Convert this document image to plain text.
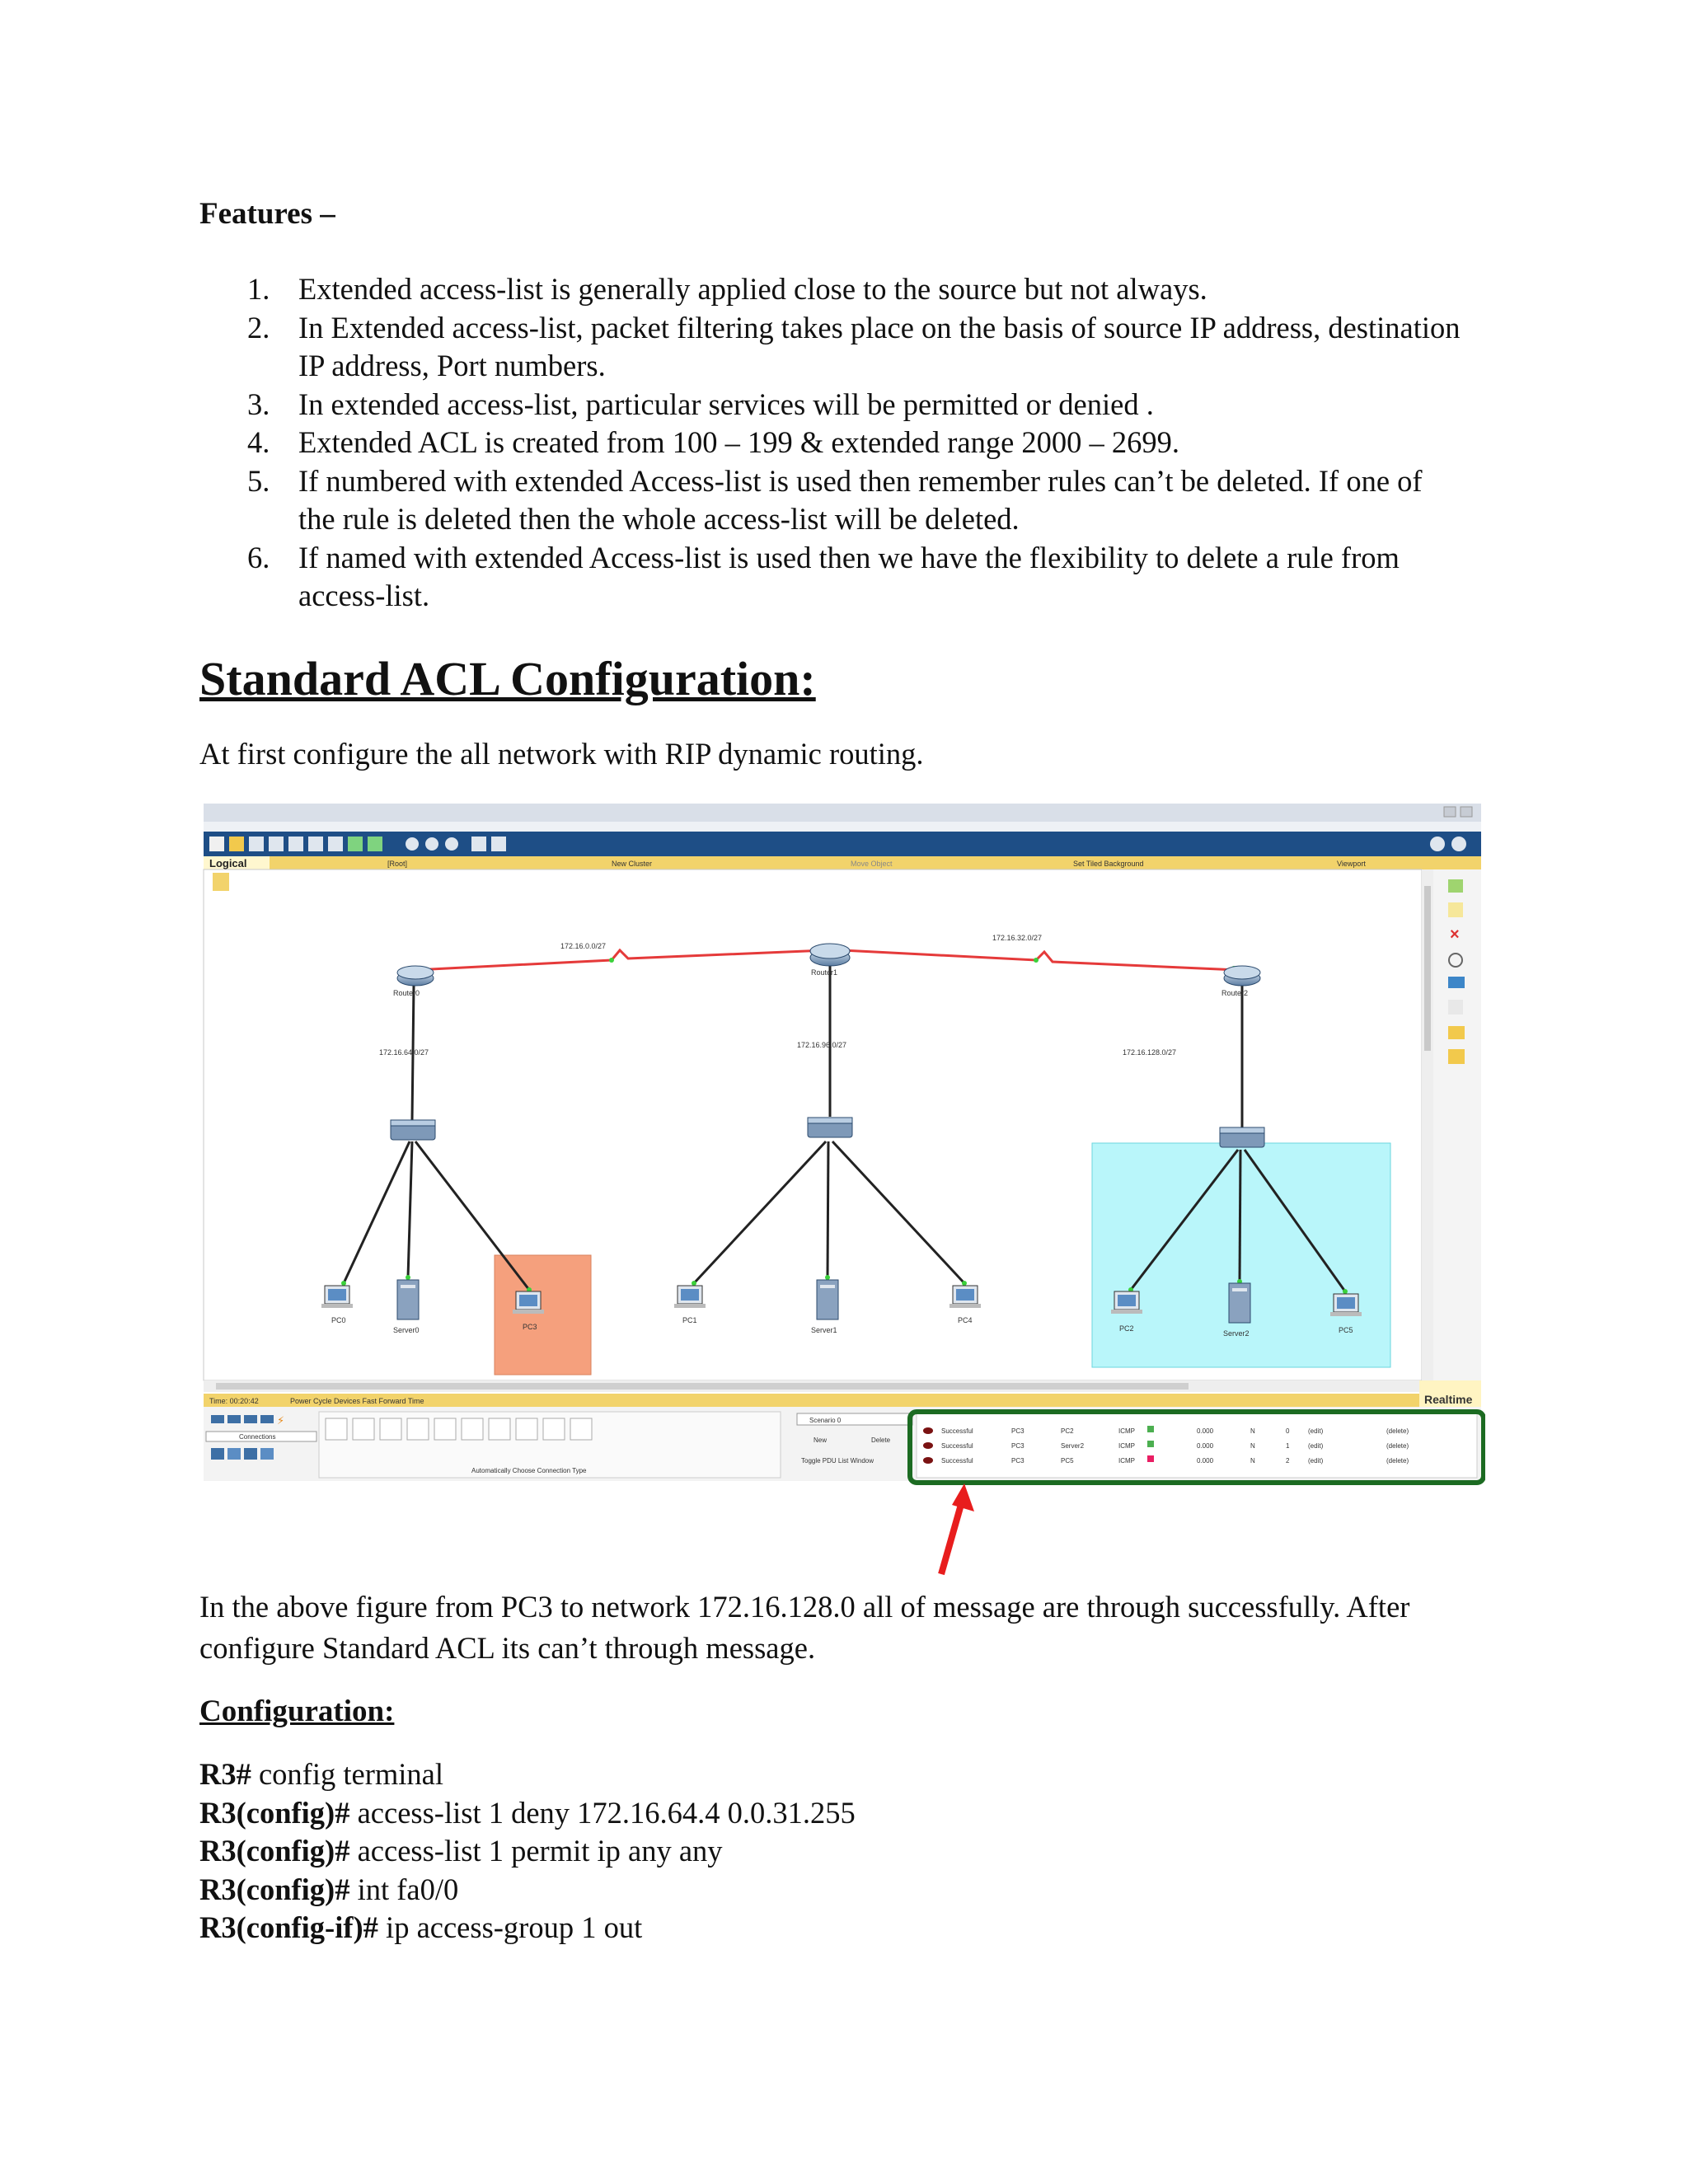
Features –

1. Extended access-list is generally applied close to the source but not always.
2. In Extended access-list, packet filtering takes place on the basis of source IP address, destination IP address, Port numbers.
3. In extended access-list, particular services will be permitted or denied .
4. Extended ACL is created from 100 – 199 & extended range 2000 – 2699.
5. If numbered with extended Access-list is used then remember rules can’t be deleted. If one of the rule is deleted then the whole access-list will be deleted.
6. If named with extended Access-list is used then we have the flexibility to delete a rule from access-list.
Standard ACL Configuration:

At first configure the all network with RIP dynamic routing.

Logical	[Root]	New Cluster	Move Object	Set Tiled Background	Viewport
×
Router0
Router1
Router2
172.16.0.0/27
172.16.32.0/27
172.16.64.0/27
172.16.96.0/27
172.16.128.0/27
PC0
Server0	PC3
PC1
Server1
PC4
PC2
Server2	PC5
Realtime
Time: 00:20:42	Power Cycle Devices Fast Forward Time
⚡
Connections
Automatically Choose Connection Type
Scenario 0
New	Delete
Toggle PDU List Window
Successful	PC3	PC2	ICMP	0.000	N	0	(edit)	(delete)
Successful	PC3	Server2	ICMP	0.000	N	1	(edit)	(delete)
Successful	PC3	PC5	ICMP	0.000	N	2	(edit)	(delete)

In the above figure from PC3 to network 172.16.128.0 all of message are through successfully. After configure Standard ACL its can’t through message.

Configuration:

R3# config terminal
R3(config)# access-list 1 deny 172.16.64.4 0.0.31.255
R3(config)# access-list 1 permit ip any any
R3(config)# int fa0/0
R3(config-if)# ip access-group 1 out
